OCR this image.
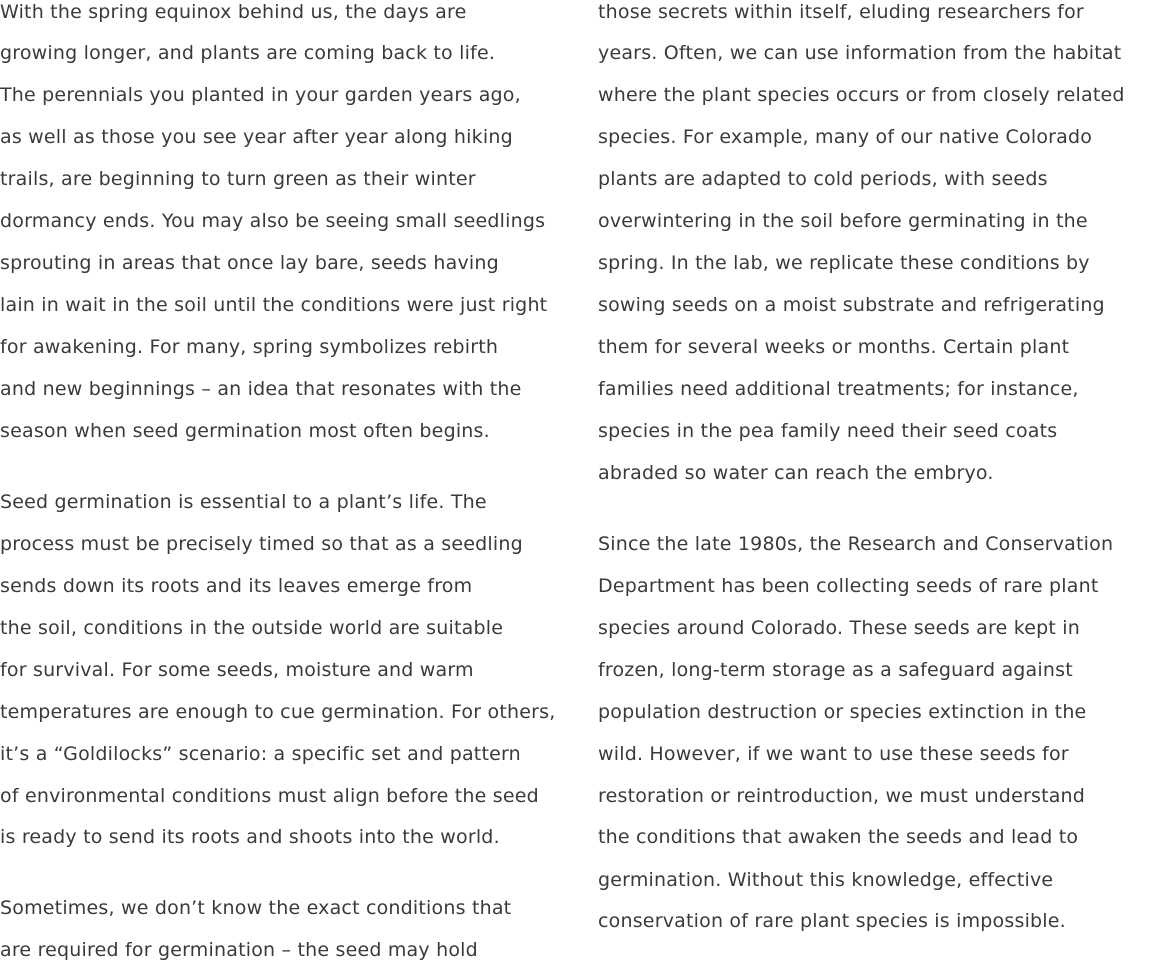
With the spring equinox behind us, the days are
growing longer, and plants are coming back to life.
The perennials you planted in your garden years ago,
as well as those you see year after year along hiking
trails, are beginning to turn green as their winter
dormancy ends. You may also be seeing small seedlings
sprouting in areas that once lay bare, seeds having
lain in wait in the soil until the conditions were just right
for awakening. For many, spring symbolizes rebirth
and new beginnings – an idea that resonates with the
season when seed germination most often begins.
Seed germination is essential to a plant’s life. The
process must be precisely timed so that as a seedling
sends down its roots and its leaves emerge from
the soil, conditions in the outside world are suitable
for survival. For some seeds, moisture and warm
temperatures are enough to cue germination. For others,
it’s a “Goldilocks” scenario: a specific set and pattern
of environmental conditions must align before the seed
is ready to send its roots and shoots into the world.
Sometimes, we don’t know the exact conditions that
are required for germination – the seed may hold
those secrets within itself, eluding researchers for
years. Often, we can use information from the habitat
where the plant species occurs or from closely related
species. For example, many of our native Colorado
plants are adapted to cold periods, with seeds
overwintering in the soil before germinating in the
spring. In the lab, we replicate these conditions by
sowing seeds on a moist substrate and refrigerating
them for several weeks or months. Certain plant
families need additional treatments; for instance,
species in the pea family need their seed coats
abraded so water can reach the embryo.
Since the late 1980s, the Research and Conservation
Department has been collecting seeds of rare plant
species around Colorado. These seeds are kept in
frozen, long-term storage as a safeguard against
population destruction or species extinction in the
wild. However, if we want to use these seeds for
restoration or reintroduction, we must understand
the conditions that awaken the seeds and lead to
germination. Without this knowledge, effective
conservation of rare plant species is impossible.
